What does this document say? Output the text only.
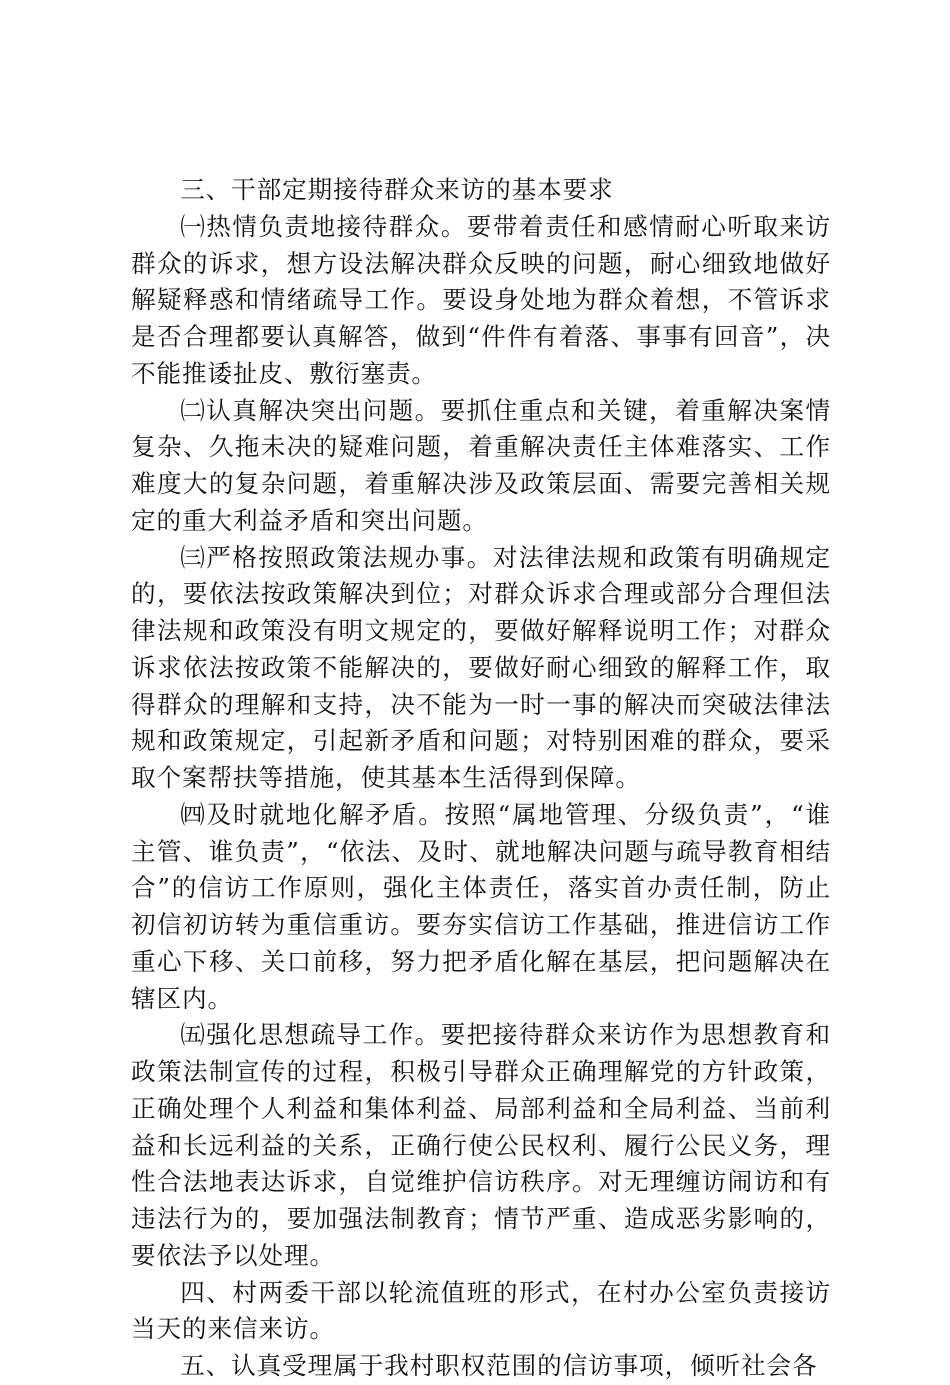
三、干部定期接待群众来访的基本要求

㈠热情负责地接待群众。要带着责任和感情耐心听取来访群众的诉求，想方设法解决群众反映的问题，耐心细致地做好解疑释惑和情绪疏导工作。要设身处地为群众着想，不管诉求是否合理都要认真解答，做到“件件有着落、事事有回音”，决不能推诿扯皮、敷衍塞责。

㈡认真解决突出问题。要抓住重点和关键，着重解决案情复杂、久拖未决的疑难问题，着重解决责任主体难落实、工作难度大的复杂问题，着重解决涉及政策层面、需要完善相关规定的重大利益矛盾和突出问题。

㈢严格按照政策法规办事。对法律法规和政策有明确规定的，要依法按政策解决到位；对群众诉求合理或部分合理但法律法规和政策没有明文规定的，要做好解释说明工作；对群众诉求依法按政策不能解决的，要做好耐心细致的解释工作，取得群众的理解和支持，决不能为一时一事的解决而突破法律法规和政策规定，引起新矛盾和问题；对特别困难的群众，要采取个案帮扶等措施，使其基本生活得到保障。

㈣及时就地化解矛盾。按照“属地管理、分级负责”，“谁主管、谁负责”，“依法、及时、就地解决问题与疏导教育相结合”的信访工作原则，强化主体责任，落实首办责任制，防止初信初访转为重信重访。要夯实信访工作基础，推进信访工作重心下移、关口前移，努力把矛盾化解在基层，把问题解决在辖区内。

㈤强化思想疏导工作。要把接待群众来访作为思想教育和政策法制宣传的过程，积极引导群众正确理解党的方针政策，正确处理个人利益和集体利益、局部利益和全局利益、当前利益和长远利益的关系，正确行使公民权利、履行公民义务，理性合法地表达诉求，自觉维护信访秩序。对无理缠访闹访和有违法行为的，要加强法制教育；情节严重、造成恶劣影响的，要依法予以处理。

四、村两委干部以轮流值班的形式，在村办公室负责接访当天的来信来访。

五、认真受理属于我村职权范围的信访事项，倾听社会各
